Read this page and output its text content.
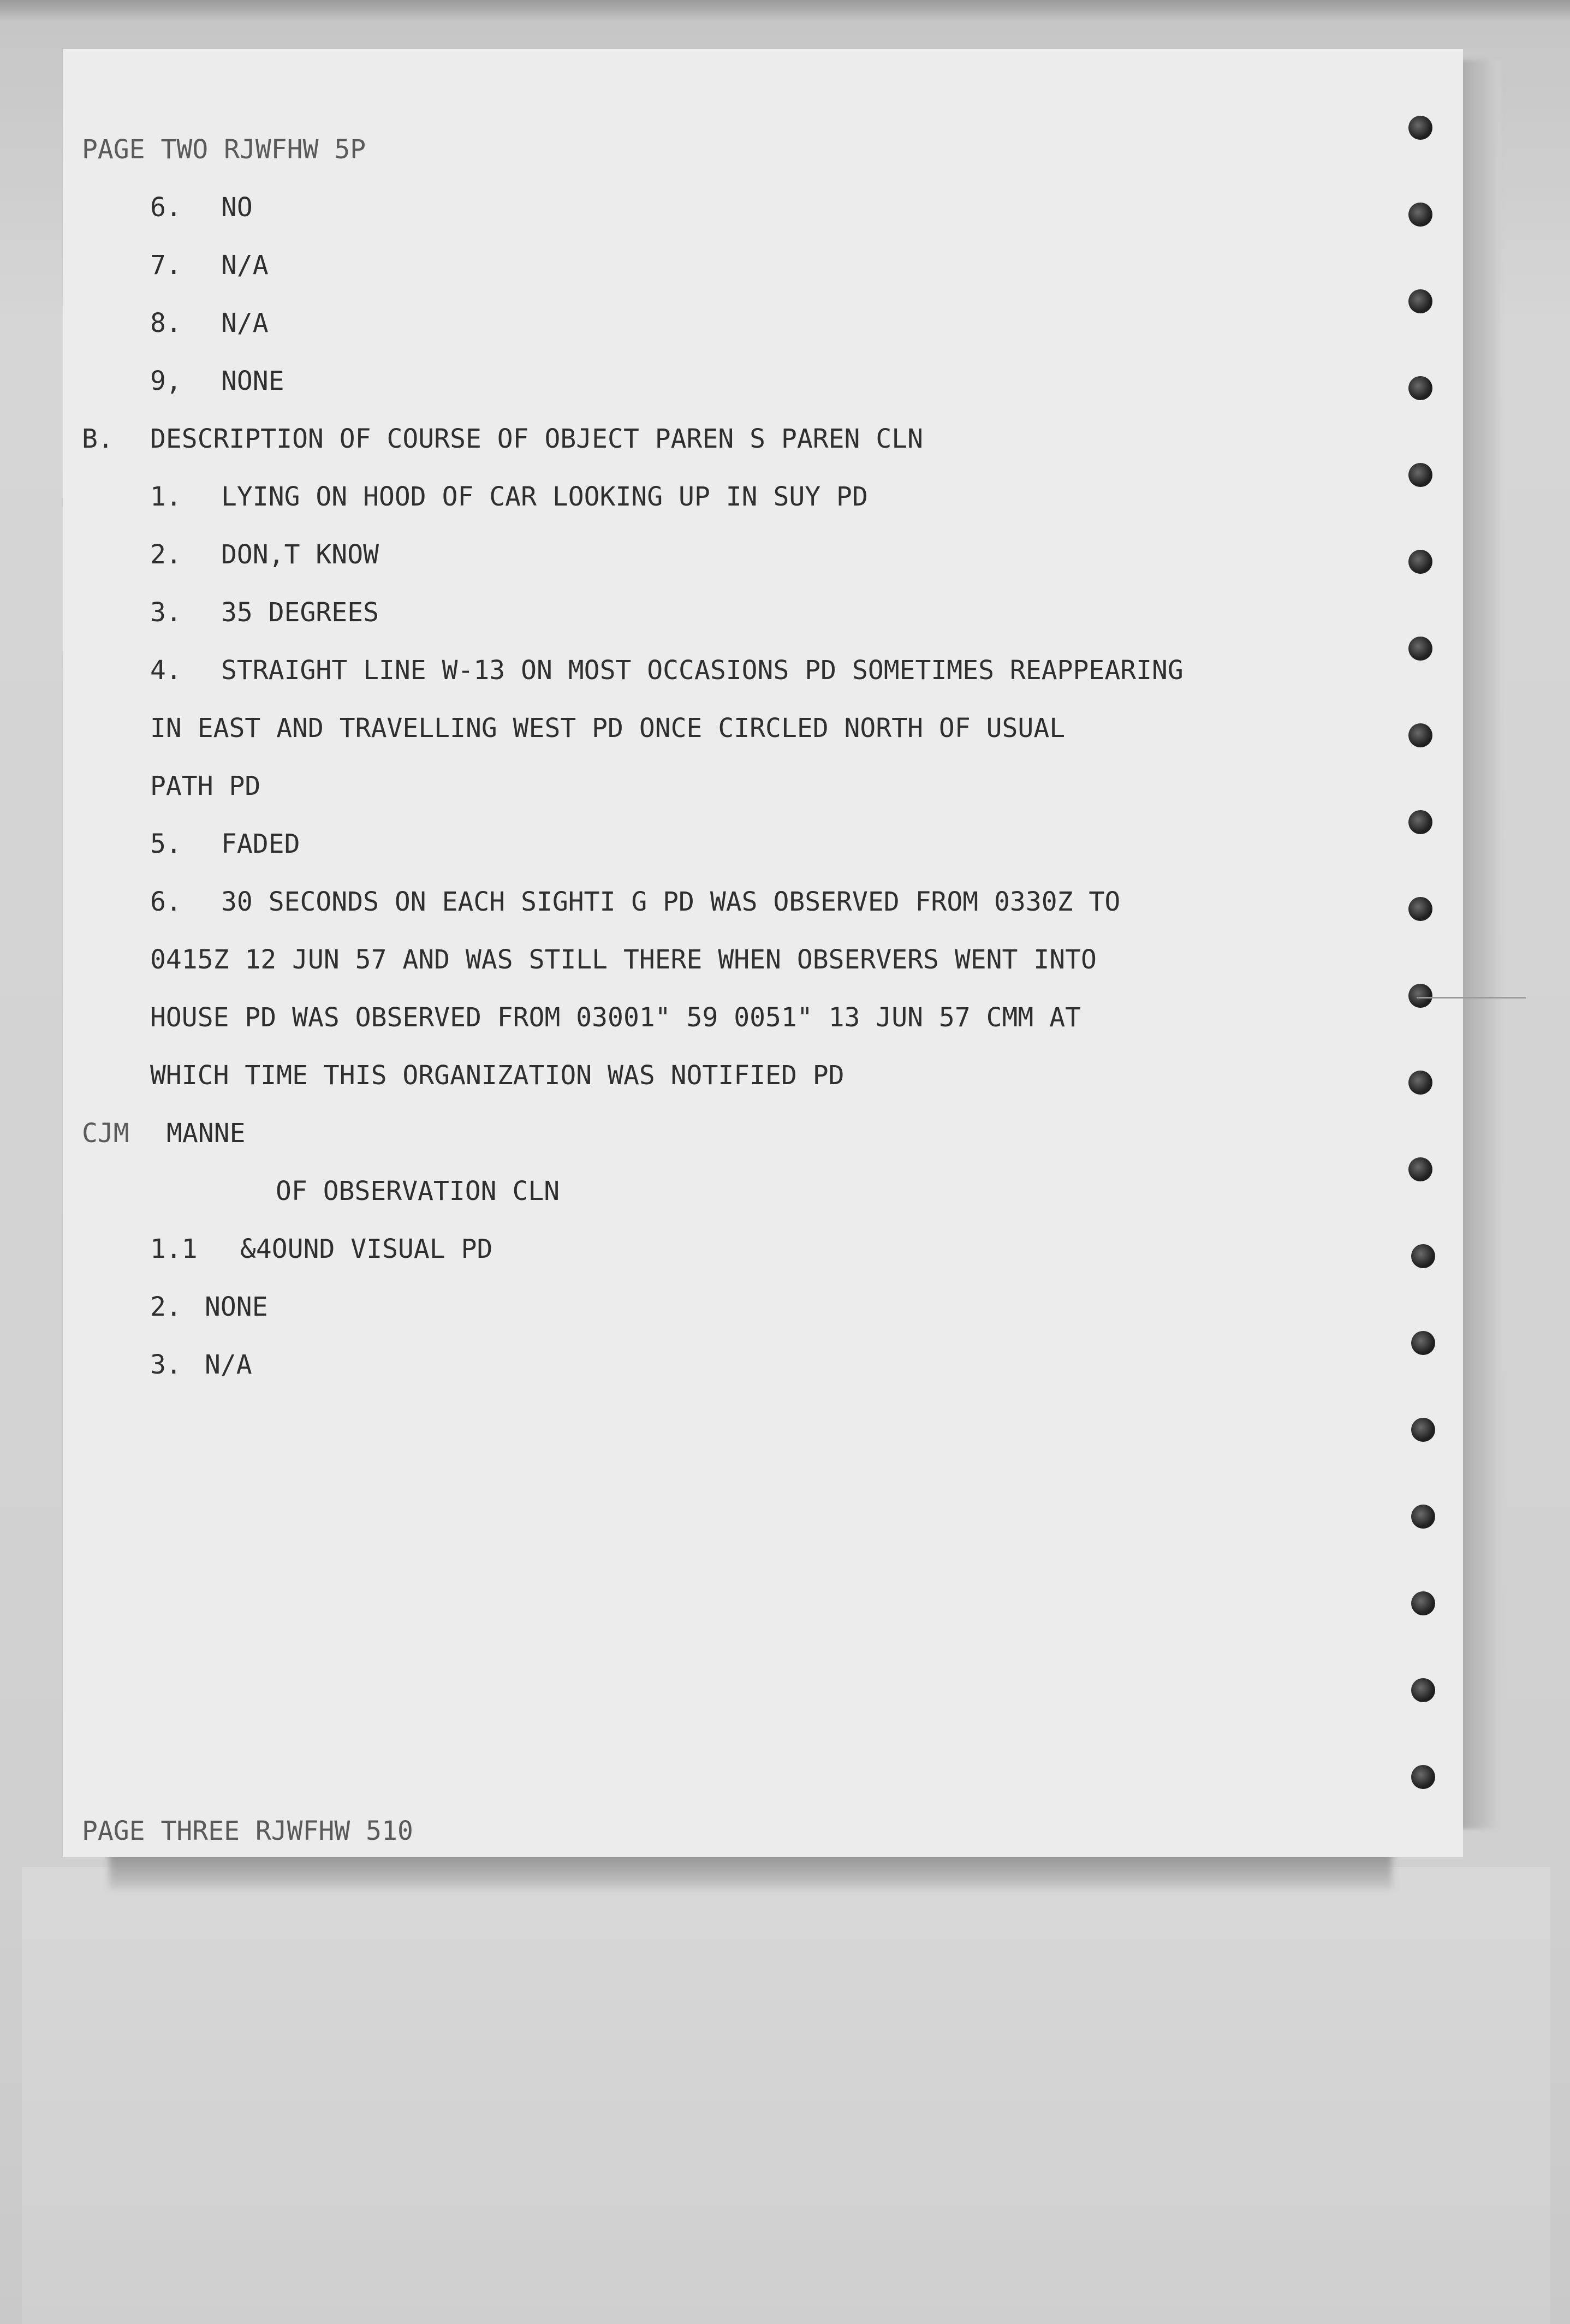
PAGE TWO RJWFHW 5P

6.

NO

7.

N/A

8.

N/A

9,

NONE

B.

DESCRIPTION OF COURSE OF OBJECT PAREN S PAREN CLN

1.

LYING ON HOOD OF CAR LOOKING UP IN SUY PD

2.

DON,T KNOW

3.

35 DEGREES

4.

STRAIGHT LINE W-13 ON MOST OCCASIONS PD SOMETIMES REAPPEARING

IN EAST AND TRAVELLING WEST PD ONCE CIRCLED NORTH OF USUAL

PATH PD

5.

FADED

6.

30 SECONDS ON EACH SIGHTI G PD WAS OBSERVED FROM 0330Z TO

0415Z 12 JUN 57 AND WAS STILL THERE WHEN OBSERVERS WENT INTO

HOUSE PD WAS OBSERVED FROM 03001" 59 0051" 13 JUN 57 CMM AT

WHICH TIME THIS ORGANIZATION WAS NOTIFIED PD

CJM

MANNE

OF OBSERVATION CLN

1.1

&4OUND VISUAL PD

2.

NONE

3.

N/A

PAGE THREE RJWFHW 510
